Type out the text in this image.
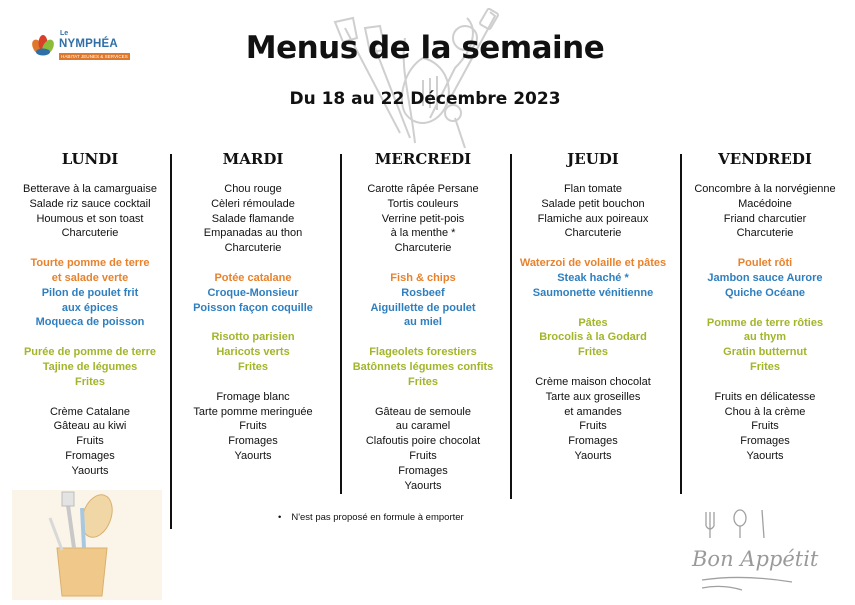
Le
NYMPHÉA
HABITAT JEUNES & SERVICES
Bon Appétit
Menus de la semaine
Du 18 au 22 Décembre 2023
LUNDI
Betterave à la camarguaise
Salade riz sauce cocktail
Houmous et son toast
Charcuterie
Tourte pomme de terre
et salade verte
Pilon de poulet frit
aux épices
Moqueca de poisson
Purée de pomme de terre
Tajine de légumes
Frites
Crème Catalane
Gâteau au kiwi
Fruits
Fromages
Yaourts
MARDI
Chou rouge
Cèleri rémoulade
Salade flamande
Empanadas au thon
Charcuterie
Potée catalane
Croque-Monsieur
Poisson façon coquille
Risotto parisien
Haricots verts
Frites
Fromage blanc
Tarte pomme meringuée
Fruits
Fromages
Yaourts
MERCREDI
Carotte râpée Persane
Tortis couleurs
Verrine petit-pois
à la menthe *
Charcuterie
Fish & chips
Rosbeef
Aiguillette de poulet
au miel
Flageolets forestiers
Batônnets légumes confits
Frites
Gâteau de semoule
au caramel
Clafoutis poire chocolat
Fruits
Fromages
Yaourts
JEUDI
Flan tomate
Salade petit bouchon
Flamiche aux poireaux
Charcuterie
Waterzoi de volaille et pâtes
Steak haché *
Saumonette vénitienne
Pâtes
Brocolis à la Godard
Frites
Crème maison chocolat
Tarte aux groseilles
et amandes
Fruits
Fromages
Yaourts
VENDREDI
Concombre à la norvégienne
Macédoine
Friand charcutier
Charcuterie
Poulet rôti
Jambon sauce Aurore
Quiche Océane
Pomme de terre rôties
au thym
Gratin butternut
Frites
Fruits en délicatesse
Chou à la crème
Fruits
Fromages
Yaourts
• N'est pas proposé en formule à emporter
